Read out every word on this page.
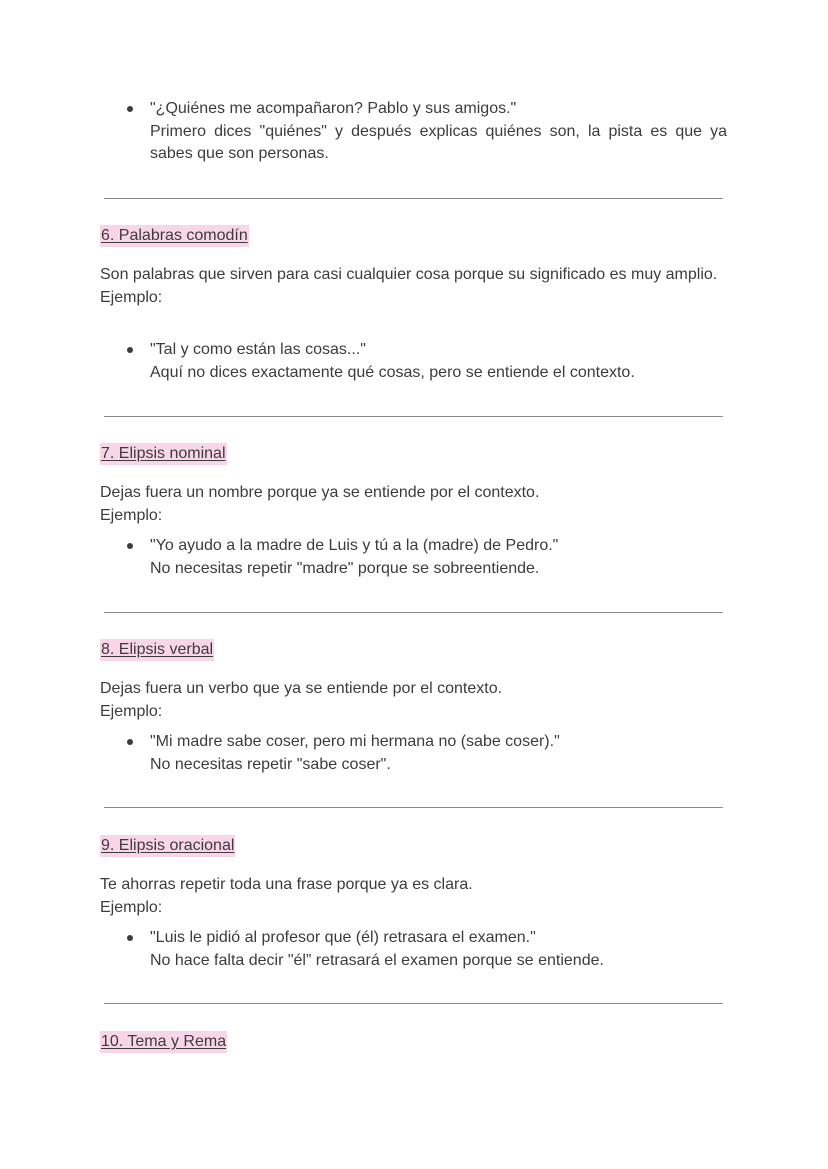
"¿Quiénes me acompañaron? Pablo y sus amigos."
Primero dices "quiénes" y después explicas quiénes son, la pista es que ya sabes que son personas.
6. Palabras comodín
Son palabras que sirven para casi cualquier cosa porque su significado es muy amplio.
Ejemplo:
"Tal y como están las cosas..."
Aquí no dices exactamente qué cosas, pero se entiende el contexto.
7. Elipsis nominal
Dejas fuera un nombre porque ya se entiende por el contexto.
Ejemplo:
"Yo ayudo a la madre de Luis y tú a la (madre) de Pedro."
No necesitas repetir "madre" porque se sobreentiende.
8. Elipsis verbal
Dejas fuera un verbo que ya se entiende por el contexto.
Ejemplo:
"Mi madre sabe coser, pero mi hermana no (sabe coser)."
No necesitas repetir "sabe coser".
9. Elipsis oracional
Te ahorras repetir toda una frase porque ya es clara.
Ejemplo:
"Luis le pidió al profesor que (él) retrasara el examen."
No hace falta decir "él” retrasará el examen porque se entiende.
10. Tema y Rema
